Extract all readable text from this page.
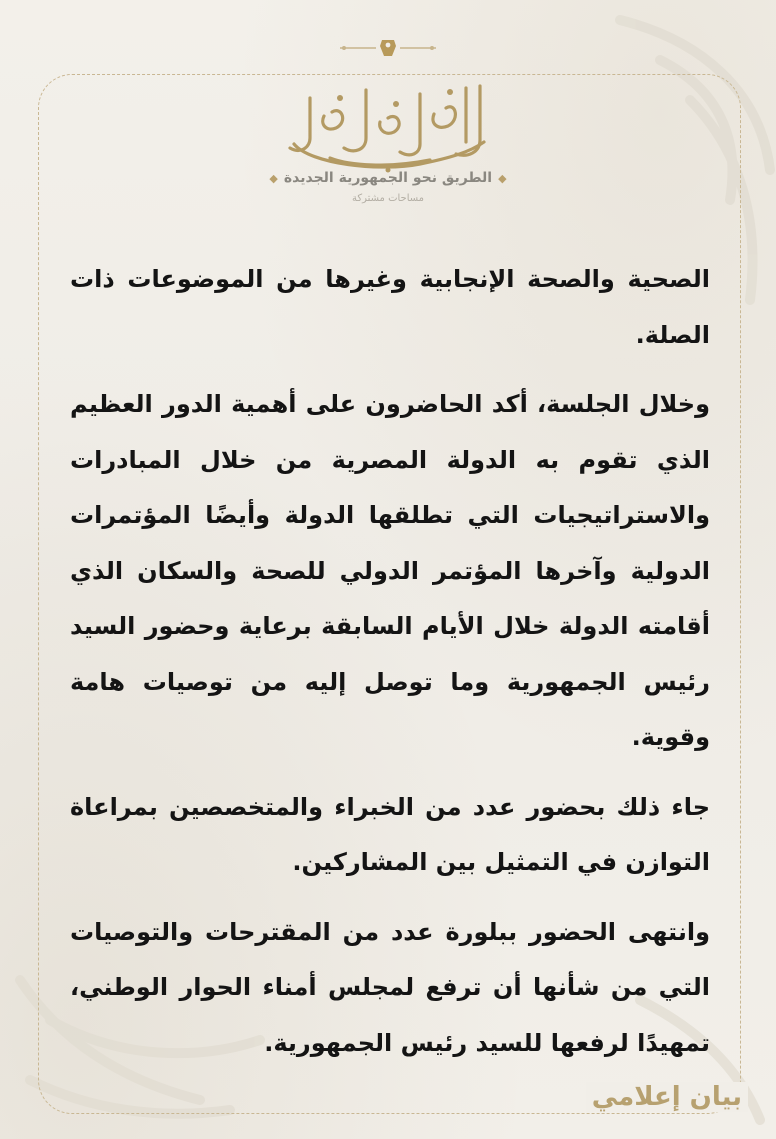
◆الطريق نحو الجمهورية الجديدة◆
مساحات مشتركة

الصحية والصحة الإنجابية وغيرها من الموضوعات ذات الصلة.

وخلال الجلسة، أكد الحاضرون على أهمية الدور العظيم الذي تقوم به الدولة المصرية من خلال المبادرات والاستراتيجيات التي تطلقها الدولة وأيضًا المؤتمرات الدولية وآخرها المؤتمر الدولي للصحة والسكان الذي أقامته الدولة خلال الأيام السابقة برعاية وحضور السيد رئيس الجمهورية وما توصل إليه من توصيات هامة وقوية.

جاء ذلك بحضور عدد من الخبراء والمتخصصين بمراعاة التوازن في التمثيل بين المشاركين.

وانتهى الحضور ببلورة عدد من المقترحات والتوصيات التي من شأنها أن ترفع لمجلس أمناء الحوار الوطني، تمهيدًا لرفعها للسيد رئيس الجمهورية.

بيان إعلامي
